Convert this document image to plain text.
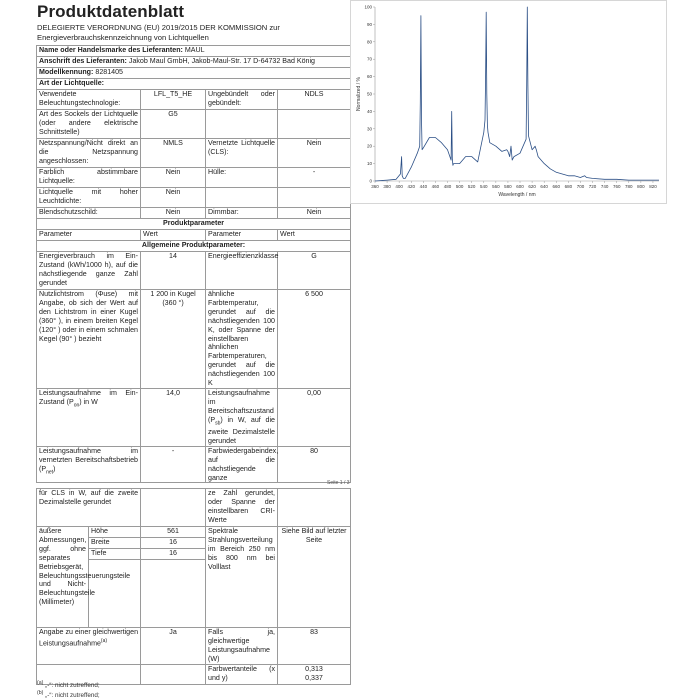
Produktdatenblatt
DELEGIERTE VERORDNUNG (EU) 2019/2015 DER KOMMISSION zur Energieverbrauchskennzeichnung von Lichtquellen
Name oder Handelsmarke des Lieferanten: MAUL			
Anschrift des Lieferanten: Jakob Maul GmbH, Jakob-Maul-Str. 17 D-64732 Bad König			
Modellkennung: 8281405			
Art der Lichtquelle:			
Verwendete Beleuchtungstechnologie:	LFL_T5_HE	Ungebündelt oder gebündelt:	NDLS
Art des Sockels der Lichtquelle (oder andere elektrische Schnittstelle)	G5		
Netzspannung/Nicht direkt an die Netzspannung angeschlossen:	NMLS	Vernetzte Lichtquelle (CLS):	Nein
Farblich abstimmbare Lichtquelle:	Nein	Hülle:	-
Lichtquelle mit hoher Leuchtdichte:	Nein		
Blendschutzschild:	Nein	Dimmbar:	Nein
Produktparameter			
Parameter	Wert	Parameter	Wert
Allgemeine Produktparameter:			
Energieverbrauch im Ein-Zustand (kWh/1000 h), auf die nächstliegende ganze Zahl gerundet	14	Energieeffizienzklasse	G
Nutzlichtstrom (Φuse) mit Angabe, ob sich der Wert auf den Lichtstrom in einer Kugel (360° ), in einem breiten Kegel (120° ) oder in einem schmalen Kegel (90° ) bezieht	1 200 in Kugel (360 °)	ähnliche Farbtemperatur, gerundet auf die nächstliegenden 100 K, oder Spanne der einstellbaren ähnlichen Farbtemperaturen, gerundet auf die nächstliegenden 100 K	6 500
Leistungsaufnahme im Ein-Zustand $(P_{on})$ in W	14,0	Leistungsaufnahme im Bereitschaftszustand $(P_{sb})$ in W, auf die zweite Dezimalstelle gerundet	0,00
Leistungsaufnahme im vernetzten Bereitschaftsbetrieb $(P_{net})$	-	Farbwiedergabeindex, auf die nächstliegende ganze	80
Seite 1 / 3
für CLS in W, auf die zweite Dezimalstelle gerundet			ze Zahl gerundet, oder Spanne der einstellbaren CRI-Werte	
äußere Abmessungen, ggf. ohne separates Betriebsgerät, Beleuchtungssteuerungsteile und Nicht-Beleuchtungsteile (Millimeter)	Höhe	561	Spektrale Strahlungsverteilung im Bereich 250 nm bis 800 nm bei Volllast	Siehe Bild auf letzter Seite
	Breite	16		
	Tiefe	16		

Angabe zu einer gleichwertigen Leistungsaufnahme$^{(a)}$		Ja	Falls ja, gleichwertige Leistungsaufnahme (W)	83
			Farbwertanteile (x und y)	0,313
0,337
$^{(a)}$ „-“: nicht zutreffend;
$^{(b)}$ „-“: nicht zutreffend;
0
10
20
30
40
50
60
70
80
90
100
360 380 400 420 440 460 480 500 520 540 560 580 600 620 640 660 680 700 720 740 760 780 800 820
Wavelength / nm
Normalized / %
